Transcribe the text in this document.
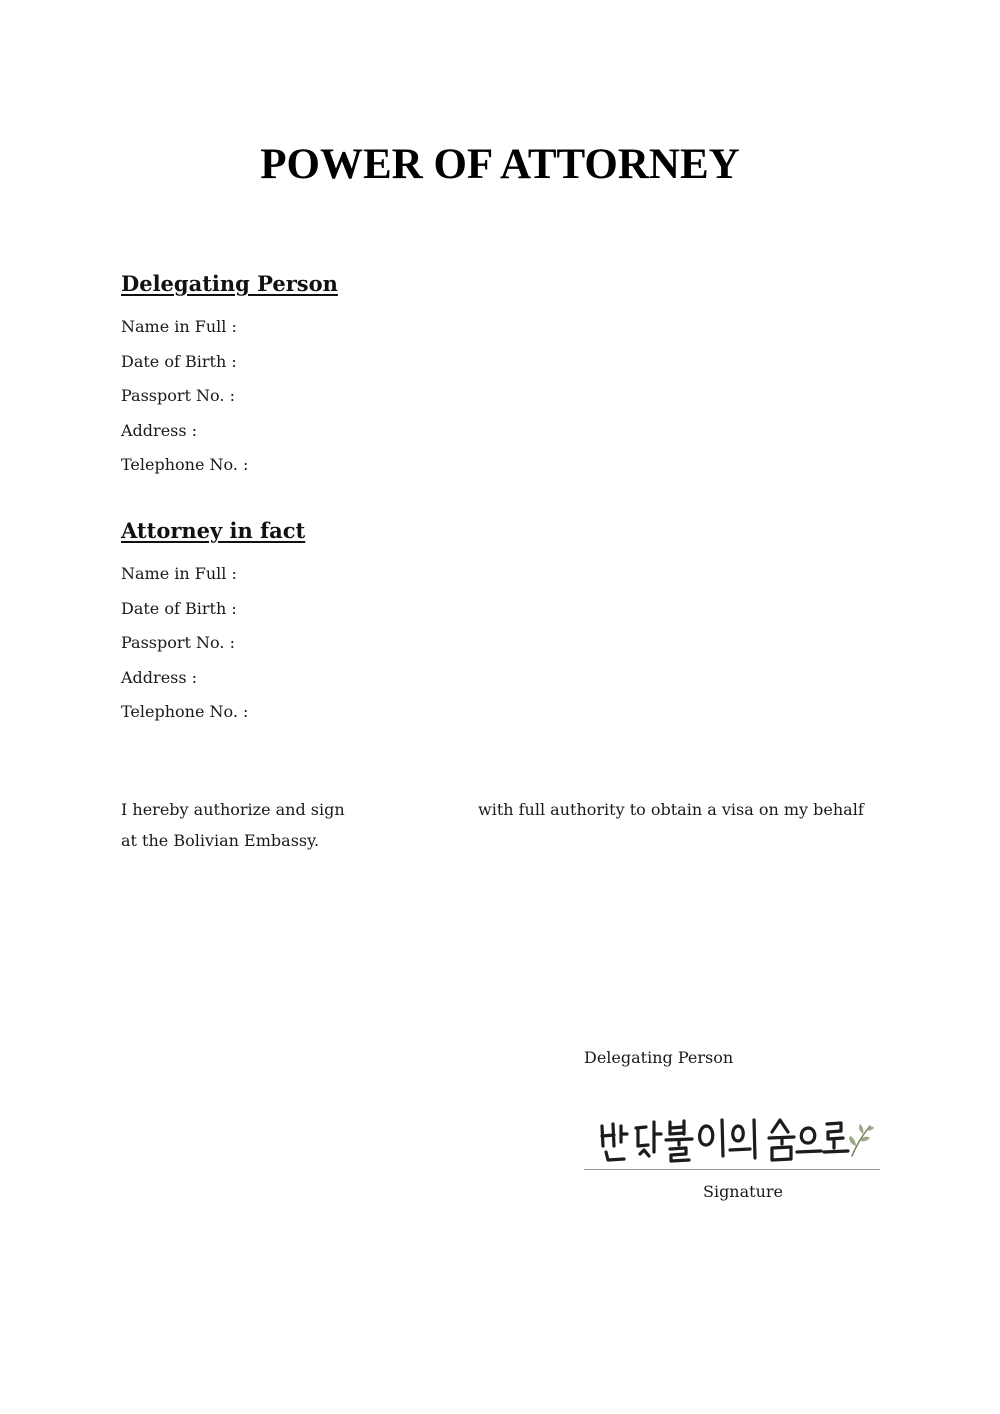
POWER OF ATTORNEY
Delegating Person
Name in Full :
Date of Birth :
Passport No. :
Address :
Telephone No. :
Attorney in fact
Name in Full :
Date of Birth :
Passport No. :
Address :
Telephone No. :
I hereby authorize and sign	with full authority to obtain a visa on my behalf
at the Bolivian Embassy.
Delegating Person
Signature
